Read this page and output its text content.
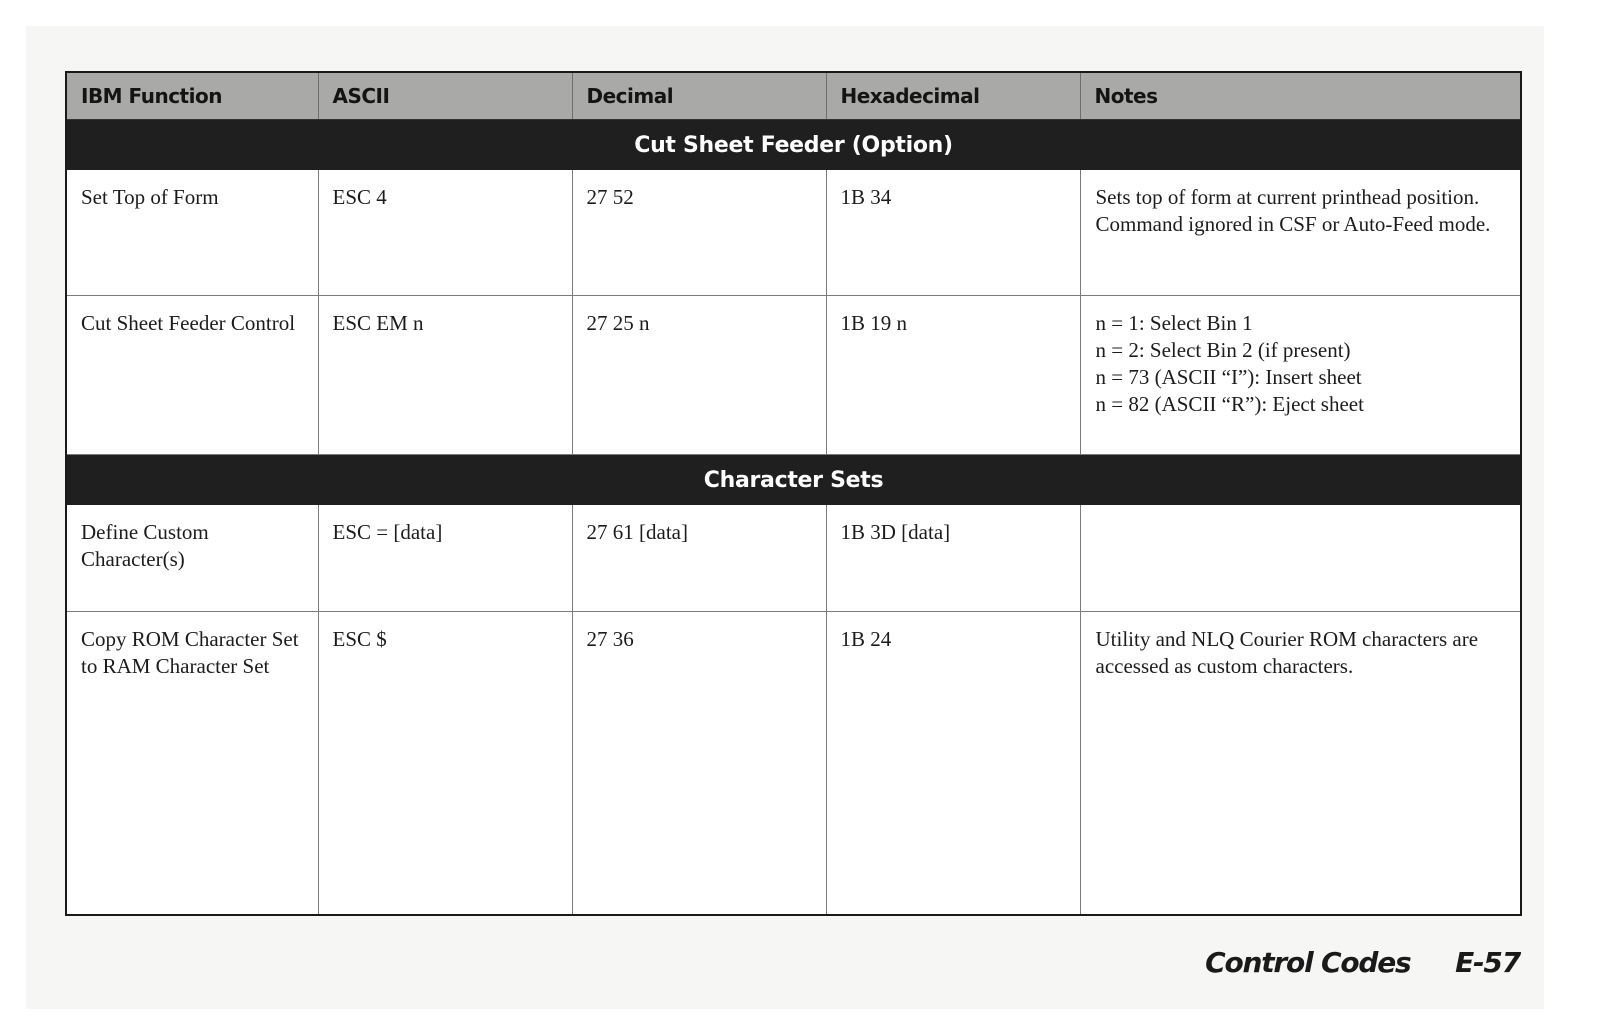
IBM Function	ASCII	Decimal	Hexadecimal	Notes
Cut Sheet Feeder (Option)				
Set Top of Form	ESC 4	27 52	1B 34	Sets top of form at current printhead position. Command ignored in CSF or Auto-Feed mode.

Cut Sheet Feeder Control	ESC EM n	27 25 n	1B 19 n	n = 1: Select Bin 1
n = 2: Select Bin 2 (if present)
n = 73 (ASCII “I”): Insert sheet
n = 82 (ASCII “R”): Eject sheet

Character Sets				
Define Custom Character(s)	ESC = [data]	27 61 [data]	1B 3D [data]	

Copy ROM Character Set to RAM Character Set	ESC $	27 36	1B 24	Utility and NLQ Courier ROM characters are accessed as custom characters.
Control Codes E-57
